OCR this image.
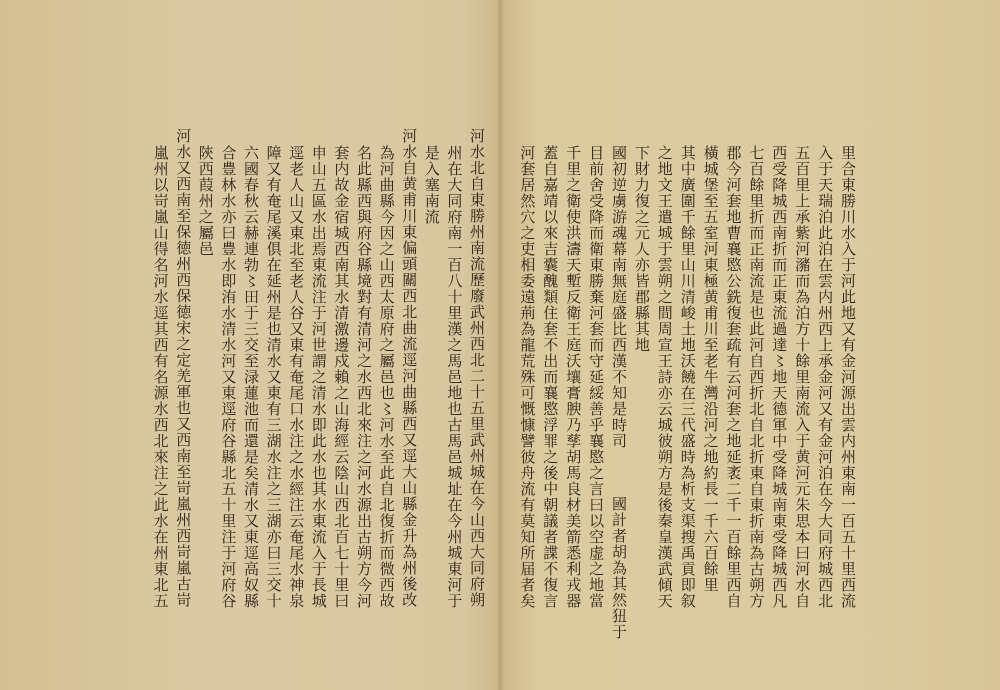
河水北自東勝州南流歷廢武州西北二十五里武州城在今山西大同府朔
州在大同府南一百八十里漢之馬邑地也古馬邑城址在今州城東河于
是入塞南流
河水自黄甫川東偏頭關西北曲流逕河曲縣西又逕大山縣金升為州後改
為河曲縣今因之山西太原府之屬邑也〻河水至此自北復折而微西故
名此縣西與府谷縣境對有清河之水西北來注之河水源出古朔方今河
套内故金宿城西南其水清激邊戍賴之山海經云陰山西北百七十里曰
申山五區水出焉東流注于河世謂之清水即此水也其水東流入于長城
逕老人山又東北至老人谷又東有奄尾口水注之水經注云奄尾水神泉
障又有奄尾溪俱在延州是也清水又東有三湖水注之三湖亦曰三交十
六國春秋云赫連勃〻田于三交至渌蓮池而還是矣清水又東逕高奴縣
合豊林水亦曰豊水即洧水清水河又東逕府谷縣北五十里注于河府谷
陝西葭州之屬邑
河水又西南至保徳州西保徳宋之定羌軍也又西南至岢嵐州西岢嵐古岢
嵐州以岢嵐山得名河水逕其西有名源水西北來注之此水在州東北五	里合東勝川水入于河此地又有金河源出雲内州東南一百五十里西流
入于天瑞泊此泊在雲内州西上承金河又有金河泊在今大同府城西北
五百里上承紫河瀦而為泊方十餘里南流入于黄河元朱思本曰河水自
西受降城西南折而正東流過達〻地天德軍中受降城南東受降城西凡
七百餘里折而正南流是也此河自西折北自北折東自東折南為古朔方
郡今河套地曹襄愍公銑復套疏有云河套之地延袤二千一百餘里西自
橫城堡至五室河東極黄甫川至老牛灣沿河之地約長一千六百餘里
其中廣圍千餘里山川清峻土地沃饒在三代盛時為析支渠搜禹貢即叙
之地文王遣城于雲朔之間周宣王詩亦云城彼朔方是後秦皇漢武傾天
下財力復之元人亦皆郡縣其地
國初逆虜游魂幕南無庭盛比西漢不知是時司
國計者胡為其然狃于
目前舍受降而衛東勝棄河套而守延綏善乎襄愍之言曰以空虚之地當
千里之衛使洪濤天塹反衛王庭沃壤膏腴乃孳胡馬良材美箭悉利戎器
蓋自嘉靖以來吉囊醜類住套不出而襄愍浮罪之後中朝議者諜不復言
河套居然穴之吏相委遠荊為龍荒殊可慨慷譬彼舟流有莫知所届者矣
